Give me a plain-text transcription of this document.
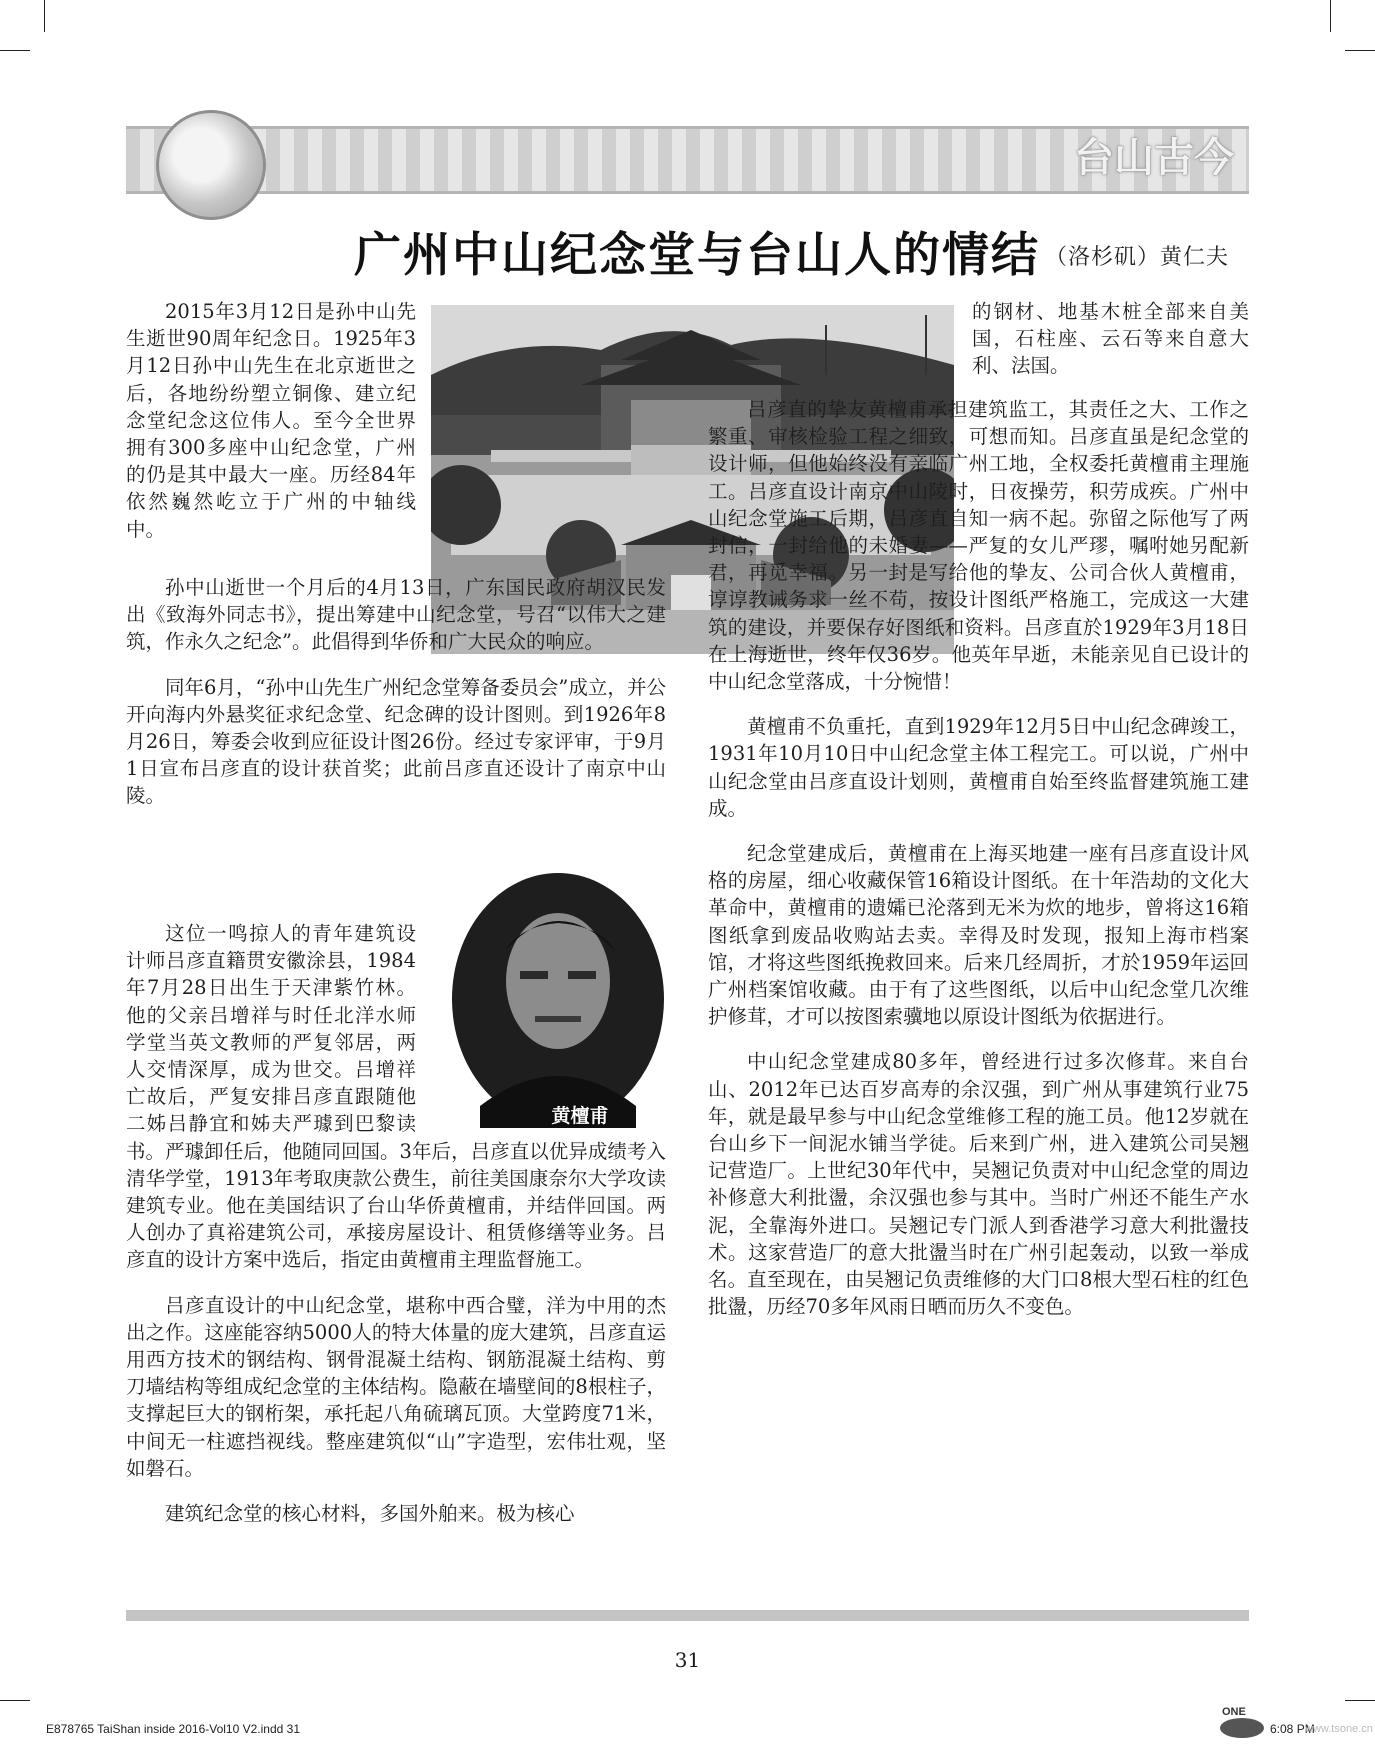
台山古今
广州中山纪念堂与台山人的情结 （洛杉矶）黄仁夫
黄檀甫

2015年3月12日是孙中山先生逝世90周年纪念日。1925年3月12日孙中山先生在北京逝世之后，各地纷纷塑立铜像、建立纪念堂纪念这位伟人。至今全世界拥有300多座中山纪念堂，广州的仍是其中最大一座。历经84年依然巍然屹立于广州的中轴线中。

孙中山逝世一个月后的4月13日，广东国民政府胡汉民发出《致海外同志书》，提出筹建中山纪念堂，号召“以伟大之建筑，作永久之纪念”。此倡得到华侨和广大民众的响应。

同年6月，“孙中山先生广州纪念堂筹备委员会”成立，并公开向海内外悬奖征求纪念堂、纪念碑的设计图则。到1926年8月26日，筹委会收到应征设计图26份。经过专家评审，于9月1日宣布吕彦直的设计获首奖；此前吕彦直还设计了南京中山陵。

这位一鸣掠人的青年建筑设计师吕彦直籍贯安徽涂县，1984年7月28日出生于天津紫竹林。他的父亲吕增祥与时任北洋水师学堂当英文教师的严复邻居，两人交情深厚，成为世交。吕增祥亡故后，严复安排吕彦直跟随他二姊吕静宜和姊夫严璩到巴黎读书。严璩卸任后，他随同回国。3年后，吕彦直以优异成绩考入清华学堂，1913年考取庚款公费生，前往美国康奈尔大学攻读建筑专业。他在美国结识了台山华侨黄檀甫，并结伴回国。两人创办了真裕建筑公司，承接房屋设计、租赁修缮等业务。吕彦直的设计方案中选后，指定由黄檀甫主理监督施工。

吕彦直设计的中山纪念堂，堪称中西合璧，洋为中用的杰出之作。这座能容纳5000人的特大体量的庞大建筑，吕彦直运用西方技术的钢结构、钢骨混凝土结构、钢筋混凝土结构、剪刀墙结构等组成纪念堂的主体结构。隐蔽在墙壁间的8根柱子，支撑起巨大的钢桁架，承托起八角硫璃瓦顶。大堂跨度71米，中间无一柱遮挡视线。整座建筑似“山”字造型，宏伟壮观，坚如磐石。

建筑纪念堂的核心材料，多国外舶来。极为核心

的钢材、地基木桩全部来自美国，石柱座、云石等来自意大利、法国。

吕彦直的挚友黄檀甫承担建筑监工，其责任之大、工作之繁重、审核检验工程之细致，可想而知。吕彦直虽是纪念堂的设计师，但他始终没有亲临广州工地，全权委托黄檀甫主理施工。吕彦直设计南京中山陵时，日夜操劳，积劳成疾。广州中山纪念堂施工后期，吕彦直自知一病不起。弥留之际他写了两封信，一封给他的未婚妻——严复的女儿严璆，嘱咐她另配新君，再觅幸福。另一封是写给他的挚友、公司合伙人黄檀甫，谆谆教诫务求一丝不苟，按设计图纸严格施工，完成这一大建筑的建设，并要保存好图纸和资料。吕彦直於1929年3月18日在上海逝世，终年仅36岁。他英年早逝，未能亲见自已设计的中山纪念堂落成，十分惋惜！

黄檀甫不负重托，直到1929年12月5日中山纪念碑竣工，1931年10月10日中山纪念堂主体工程完工。可以说，广州中山纪念堂由吕彦直设计划则，黄檀甫自始至终监督建筑施工建成。

纪念堂建成后，黄檀甫在上海买地建一座有吕彦直设计风格的房屋，细心收藏保管16箱设计图纸。在十年浩劫的文化大革命中，黄檀甫的遗孀已沦落到无米为炊的地步，曾将这16箱图纸拿到废品收购站去卖。幸得及时发现，报知上海市档案馆，才将这些图纸挽救回来。后来几经周折，才於1959年运回广州档案馆收藏。由于有了这些图纸，以后中山纪念堂几次维护修茸，才可以按图索骥地以原设计图纸为依据进行。

中山纪念堂建成80多年，曾经进行过多次修茸。来自台山、2012年已达百岁高寿的余汉强，到广州从事建筑行业75年，就是最早参与中山纪念堂维修工程的施工员。他12岁就在台山乡下一间泥水铺当学徒。后来到广州，进入建筑公司吴翘记营造厂。上世纪30年代中，吴翘记负责对中山纪念堂的周边补修意大利批盪，余汉强也参与其中。当时广州还不能生产水泥，全靠海外进口。吴翘记专门派人到香港学习意大利批盪技术。这家营造厂的意大批盪当时在广州引起轰动，以致一举成名。直至现在，由吴翘记负责维修的大门口8根大型石柱的红色批盪，历经70多年风雨日晒而历久不变色。

31
E878765 TaiShan inside 2016-Vol10 V2.indd 31
ONE
6:08 PM
www.tsone.cn
